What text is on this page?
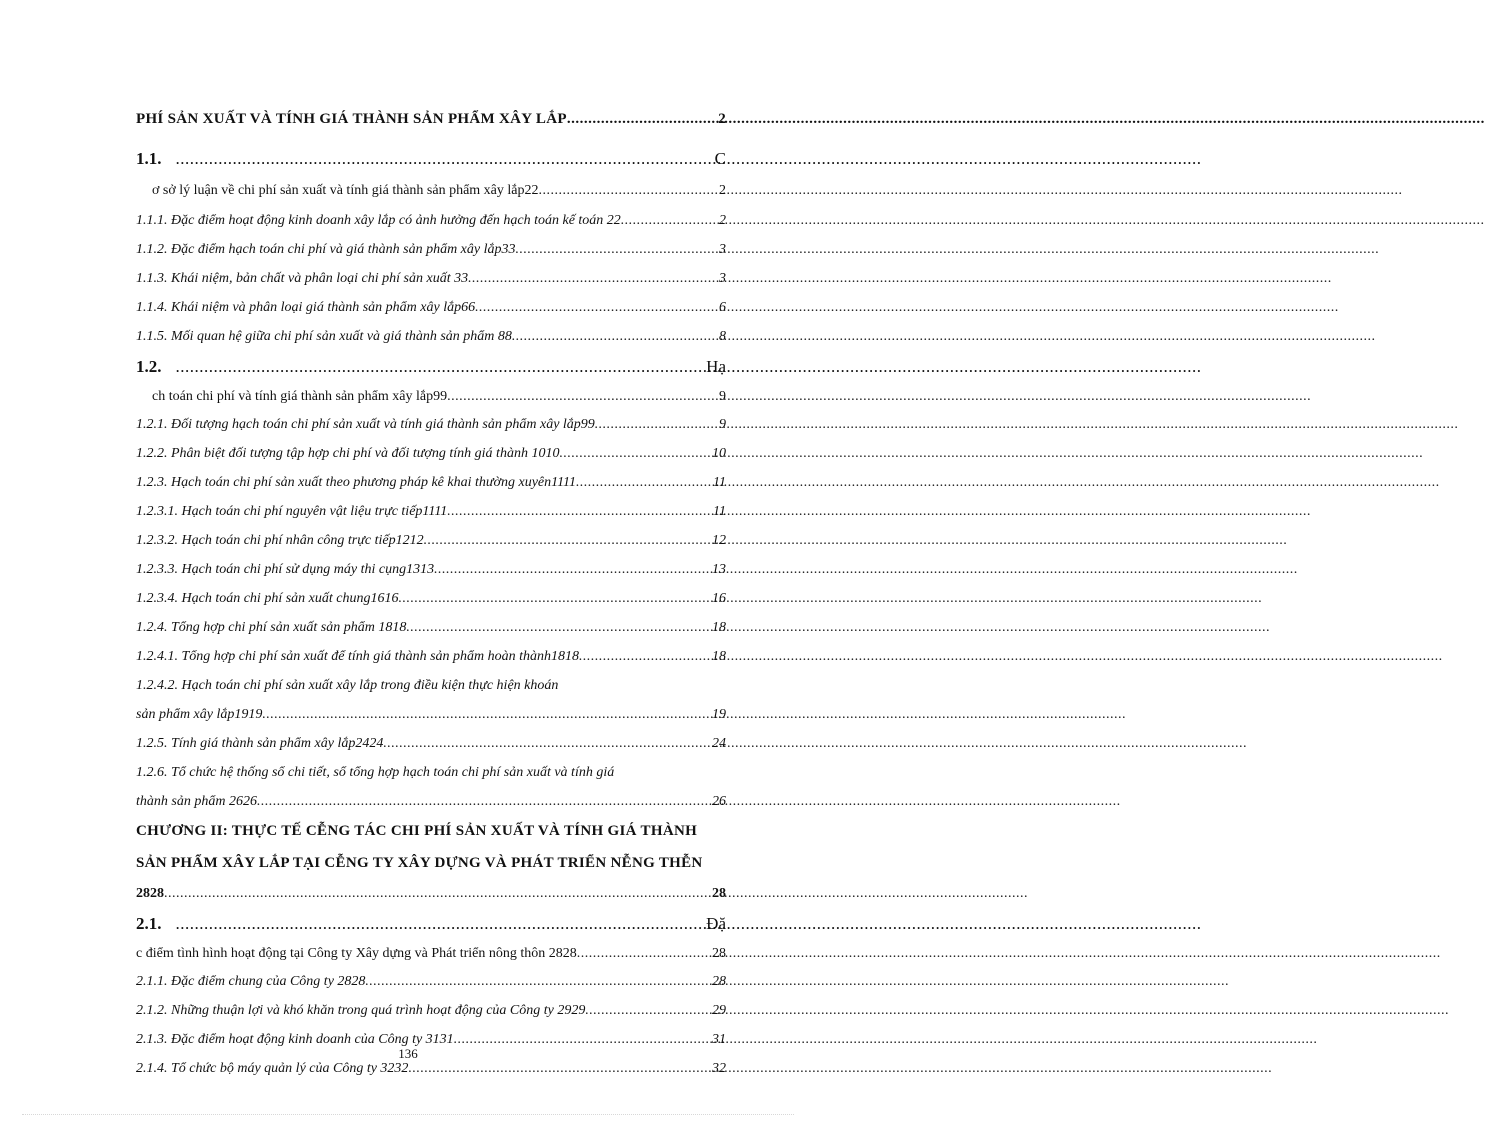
PHÍ SẢN XUẤT VÀ TÍNH GIÁ THÀNH SẢN PHẨM XÂY LẮP .....	2
1.1. .....	C
ơ sở lý luận về chi phí sản xuất và tính giá thành sản phẩm xây lắp22 .....	2
1.1.1. Đặc điểm hoạt động kinh doanh xây lắp có ảnh hưởng đến hạch toán kế toán 22 .....	2
1.1.2. Đặc điểm hạch toán chi phí và giá thành sản phẩm xây lắp33 .....	3
1.1.3. Khái niệm, bản chất và phân loại chi phí sản xuất 33 .....	3
1.1.4. Khái niệm và phân loại giá thành sản phẩm xây lắp66 .....	6
1.1.5. Mối quan hệ giữa chi phí sản xuất và giá thành sản phẩm 88 .....	8
1.2. .....	Hạ
ch toán chi phí và tính giá thành sản phẩm xây lắp99 .....	9
1.2.1. Đối tượng hạch toán chi phí sản xuất và tính giá thành sản phẩm xây lắp99 .....	9
1.2.2. Phân biệt đối tượng tập hợp chi phí và đối tượng tính giá thành 1010 .....	10
1.2.3. Hạch toán chi phí sản xuất theo phương pháp kê khai thường xuyên1111 .....	11
1.2.3.1. Hạch toán chi phí nguyên vật liệu trực tiếp1111 .....	11
1.2.3.2. Hạch toán chi phí nhân công trực tiếp1212 .....	12
1.2.3.3. Hạch toán chi phí sử dụng máy thi cụng1313 .....	13
1.2.3.4. Hạch toán chi phí sản xuất chung1616 .....	16
1.2.4. Tổng hợp chi phí sản xuất sản phẩm 1818 .....	18
1.2.4.1. Tổng hợp chi phí sản xuất để tính giá thành sản phẩm hoàn thành1818 .....	18
1.2.4.2. Hạch toán chi phí sản xuất xây lắp trong điều kiện thực hiện khoán
sản phẩm xây lắp1919 .....	19
1.2.5. Tính giá thành sản phẩm xây lắp2424 .....	24
1.2.6. Tổ chức hệ thống sổ chi tiết, sổ tổng hợp hạch toán chi phí sản xuất và tính giá
thành sản phẩm 2626 .....	26
CHƯƠNG II: THỰC TẾ CỄNG TÁC CHI PHÍ SẢN XUẤT VÀ TÍNH GIÁ THÀNH
SẢN PHẨM XÂY LẮP TẠI CỄNG TY XÂY DỰNG VÀ PHÁT TRIỂN NỄNG THỄN
2828 .....	28
2.1. .....	Đặ
c điểm tình hình hoạt động tại Công ty Xây dựng và Phát triển nông thôn 2828 .....	28
2.1.1. Đặc điểm chung của Công ty 2828 .....	28
2.1.2. Những thuận lợi và khó khăn trong quá trình hoạt động của Công ty 2929 .....	29
2.1.3. Đặc điểm hoạt động kinh doanh của Công ty 3131 .....	31
2.1.4. Tổ chức bộ máy quản lý của Công ty 3232 .....	32
136
